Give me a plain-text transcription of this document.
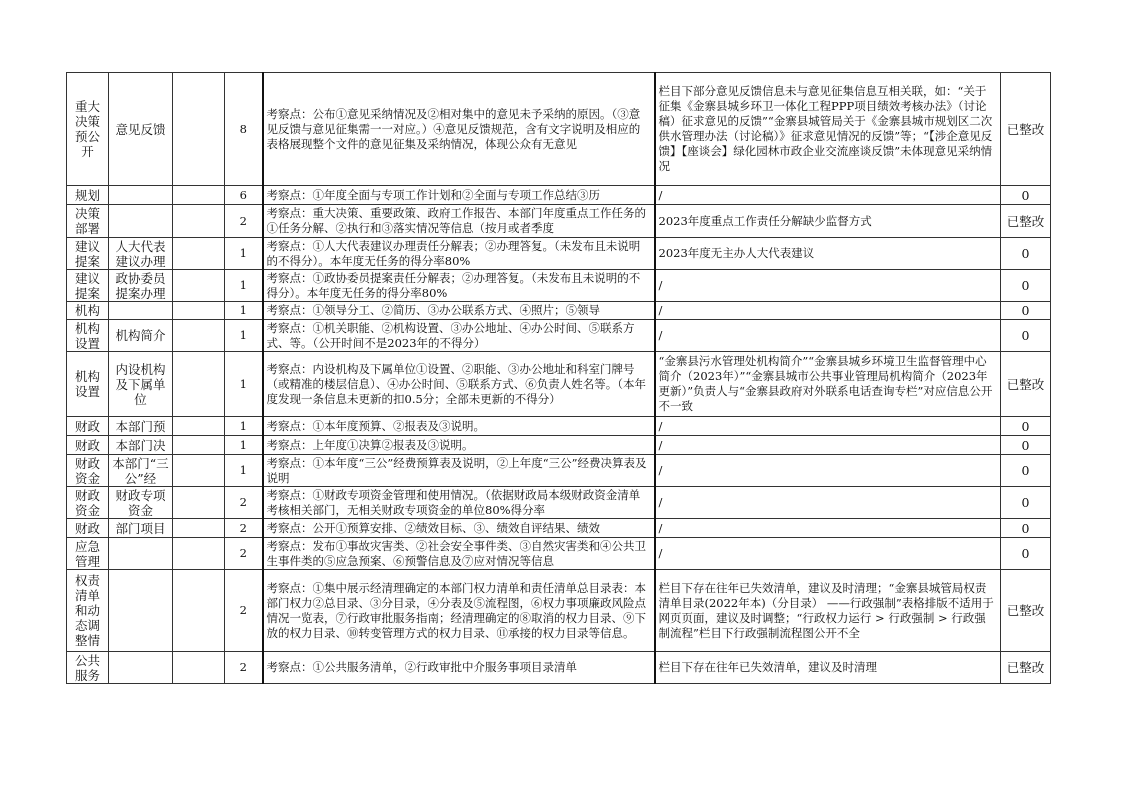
重大决策预公开	意见反馈		8	考察点：公布①意见采纳情况及②相对集中的意见未予采纳的原因。（③意见反馈与意见征集需一一对应。）④意见反馈规范，含有文字说明及相应的表格展现整个文件的意见征集及采纳情况，体现公众有无意见	栏目下部分意见反馈信息未与意见征集信息互相关联，如：“关于征集《金寨县城乡环卫一体化工程PPP项目绩效考核办法》（讨论稿）征求意见的反馈”“金寨县城管局关于《金寨县城市规划区二次供水管理办法（讨论稿）》征求意见情况的反馈”等；“【涉企意见反馈】【座谈会】绿化园林市政企业交流座谈反馈”未体现意见采纳情况	已整改
规划			6	考察点：①年度全面与专项工作计划和②全面与专项工作总结③历	/	0
决策部署			2	考察点：重大决策、重要政策、政府工作报告、本部门年度重点工作任务的①任务分解、②执行和③落实情况等信息（按月或者季度	2023年度重点工作责任分解缺少监督方式	已整改
建议提案	人大代表建议办理		1	考察点：①人大代表建议办理责任分解表；②办理答复。（未发布且未说明的不得分）。本年度无任务的得分率80%	2023年度无主办人大代表建议	0
建议提案	政协委员提案办理		1	考察点：①政协委员提案责任分解表；②办理答复。（未发布且未说明的不得分）。本年度无任务的得分率80%	/	0
机构			1	考察点：①领导分工、②简历、③办公联系方式、④照片；⑤领导	/	0
机构设置	机构简介		1	考察点：①机关职能、②机构设置、③办公地址、④办公时间、⑤联系方式、等。（公开时间不是2023年的不得分）	/	0
机构设置	内设机构及下属单位		1	考察点：内设机构及下属单位①设置、②职能、③办公地址和科室门牌号（或精准的楼层信息）、④办公时间、⑤联系方式、⑥负责人姓名等。（本年度发现一条信息未更新的扣0.5分；全部未更新的不得分）	“金寨县污水管理处机构简介”“金寨县城乡环境卫生监督管理中心简介（2023年）”“金寨县城市公共事业管理局机构简介（2023年更新）”负责人与“金寨县政府对外联系电话查询专栏”对应信息公开不一致	已整改
财政	本部门预		1	考察点：①本年度预算、②报表及③说明。	/	0
财政	本部门决		1	考察点：上年度①决算②报表及③说明。	/	0
财政资金	本部门“三公”经		1	考察点：①本年度“三公”经费预算表及说明，②上年度“三公”经费决算表及说明	/	0
财政资金	财政专项资金		2	考察点：①财政专项资金管理和使用情况。（依据财政局本级财政资金清单考核相关部门，无相关财政专项资金的单位80%得分率	/	0
财政	部门项目		2	考察点：公开①预算安排、②绩效目标、③、绩效自评结果、绩效	/	0
应急管理			2	考察点：发布①事故灾害类、②社会安全事件类、③自然灾害类和④公共卫生事件类的⑤应急预案、⑥预警信息及⑦应对情况等信息	/	0
权责清单和动态调整情			2	考察点：①集中展示经清理确定的本部门权力清单和责任清单总目录表：本部门权力②总目录、③分目录，④分表及⑤流程图，⑥权力事项廉政风险点情况一览表，⑦行政审批服务指南；经清理确定的⑧取消的权力目录、⑨下放的权力目录、⑩转变管理方式的权力目录、⑪承接的权力目录等信息。	栏目下存在往年已失效清单，建议及时清理；“金寨县城管局权责清单目录(2022年本)（分目录） ——行政强制”表格排版不适用于网页页面，建议及时调整；“行政权力运行 > 行政强制 > 行政强制流程”栏目下行政强制流程图公开不全	已整改
公共服务			2	考察点：①公共服务清单，②行政审批中介服务事项目录清单	栏目下存在往年已失效清单，建议及时清理	已整改
